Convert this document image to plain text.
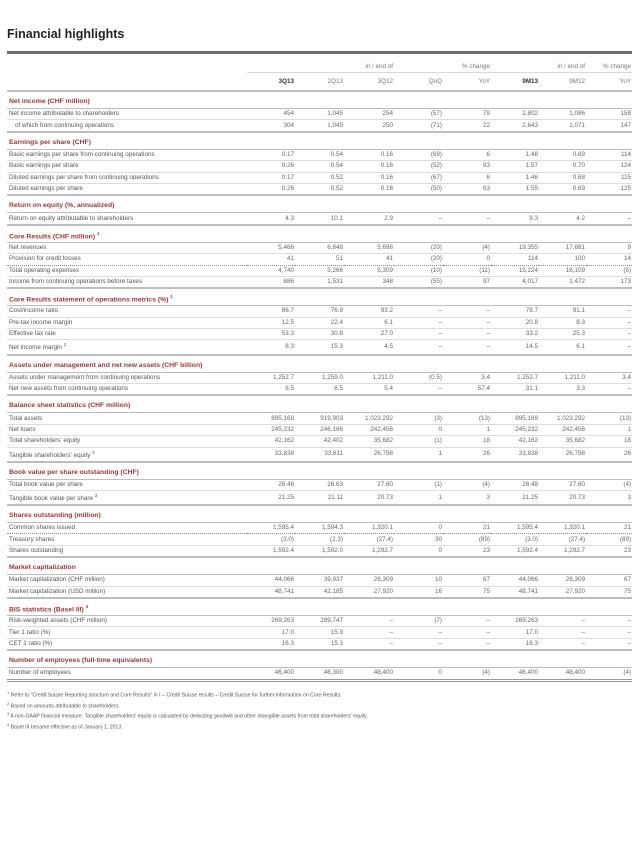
Financial highlights
	in / end of			% change		in / end of		% change
	3Q13	2Q13	3Q12	QoQ	YoY	9M13	9M12	YoY
Net income (CHF million)								
Net income attributable to shareholders	454	1,045	254	(57)	79	2,802	1,086	158
of which from continuing operations	304	1,045	250	(71)	22	2,643	1,071	147
Earnings per share (CHF)								
Basic earnings per share from continuing operations	0.17	0.54	0.16	(69)	6	1.48	0.69	114
Basic earnings per share	0.26	0.54	0.16	(52)	63	1.57	0.70	124
Diluted earnings per share from continuing operations	0.17	0.52	0.16	(67)	6	1.46	0.68	115
Diluted earnings per share	0.26	0.52	0.16	(50)	63	1.55	0.69	125
Return on equity (%, annualized)								
Return on equity attributable to shareholders	4.3	10.1	2.9	–	–	9.3	4.2	–
Core Results (CHF million) $^1$
Net revenues	5,466	6,848	5,698	(20)	(4)	19,355	17,681	9
Provision for credit losses	41	51	41	(20)	0	114	100	14
Total operating expenses	4,740	5,266	5,309	(10)	(11)	15,224	16,109	(5)
Income from continuing operations before taxes	686	1,531	348	(55)	97	4,017	1,472	173
Core Results statement of operations metrics (%) $^1$
Cost/income ratio	86.7	76.9	93.2	–	–	78.7	91.1	–
Pre-tax income margin	12.5	22.4	6.1	–	–	20.8	8.3	–
Effective tax rate	53.3	30.8	27.0	–	–	33.2	25.3	–
Net income margin $^2$	8.3	15.3	4.5	–	–	14.5	6.1	–
Assets under management and net new assets (CHF billion)								
Assets under management from continuing operations	1,252.7	1,259.0	1,211.0	(0.5)	3.4	1,252.7	1,211.0	3.4
Net new assets from continuing operations	8.5	8.5	5.4	–	57.4	31.1	3.3	–
Balance sheet statistics (CHF million)								
Total assets	895,169	919,903	1,023,292	(3)	(13)	895,169	1,023,292	(13)
Net loans	245,232	246,186	242,456	0	1	245,232	242,456	1
Total shareholders' equity	42,162	42,402	35,682	(1)	18	42,162	35,682	18
Tangible shareholders' equity $^3$	33,838	33,611	26,798	1	26	33,838	26,798	26
Book value per share outstanding (CHF)								
Total book value per share	26.48	26.63	27.60	(1)	(4)	26.48	27.60	(4)
Tangible book value per share $^3$	21.25	21.11	20.73	1	3	21.25	20.73	3
Shares outstanding (million)								
Common shares issued	1,595.4	1,594.3	1,320.1	0	21	1,595.4	1,320.1	21
Treasury shares	(3.0)	(2.3)	(27.4)	30	(89)	(3.0)	(27.4)	(89)
Shares outstanding	1,592.4	1,592.0	1,292.7	0	23	1,592.4	1,292.7	23
Market capitalization								
Market capitalization (CHF million)	44,066	39,937	26,309	10	67	44,066	26,309	67
Market capitalization (USD million)	48,741	42,185	27,920	16	75	48,741	27,920	75
BIS statistics (Basel III) $^4$
Risk-weighted assets (CHF million)	269,263	289,747	–	(7)	–	269,263	–	–
Tier 1 ratio (%)	17.0	15.9	–	–	–	17.0	–	–
CET 1 ratio (%)	16.3	15.3	–	–	–	16.3	–	–
Number of employees (full-time equivalents)								
Number of employees	46,400	46,300	48,400	0	(4)	46,400	48,400	(4)
$^1$ Refer to "Credit Suisse Reporting structure and Core Results" in I – Credit Suisse results – Credit Suisse for further information on Core Results.
$^2$ Based on amounts attributable to shareholders.
$^3$ A non-GAAP financial measure. Tangible shareholders' equity is calculated by deducting goodwill and other intangible assets from total shareholders' equity.
$^4$ Basel III became effective as of January 1, 2013.
